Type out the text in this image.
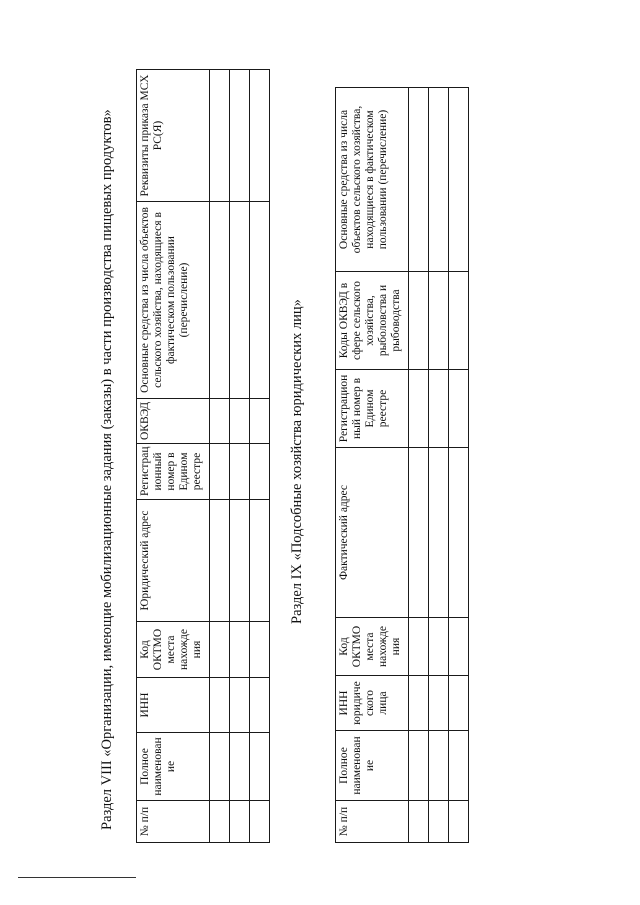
Раздел VIII «Организации, имеющие мобилизационные задания (заказы) в части производства пищевых продуктов» № п/п	Полное наименован ие	ИНН	Код ОКТМО места нахожде ния	Юридический адрес	Регистрац ионный номер в Едином реестре	ОКВЭД	Основные средства из числа объектов сельского хозяйства, находящиеся в фактическом пользовании (перечисление)	Реквизиты приказа МСХ РС(Я)

Раздел IX «Подсобные хозяйства юридических лиц»
№ п/п	Полное наименован ие	ИНН юридиче ского лица	Код ОКТМО места нахожде ния	Фактический адрес	Регистрацион ный номер в Едином реестре	Коды ОКВЭД в сфере сельского хозяйства, рыболовства и рыбоводства	Основные средства из числа объектов сельского хозяйства, находящиеся в фактическом пользовании (перечисление)
